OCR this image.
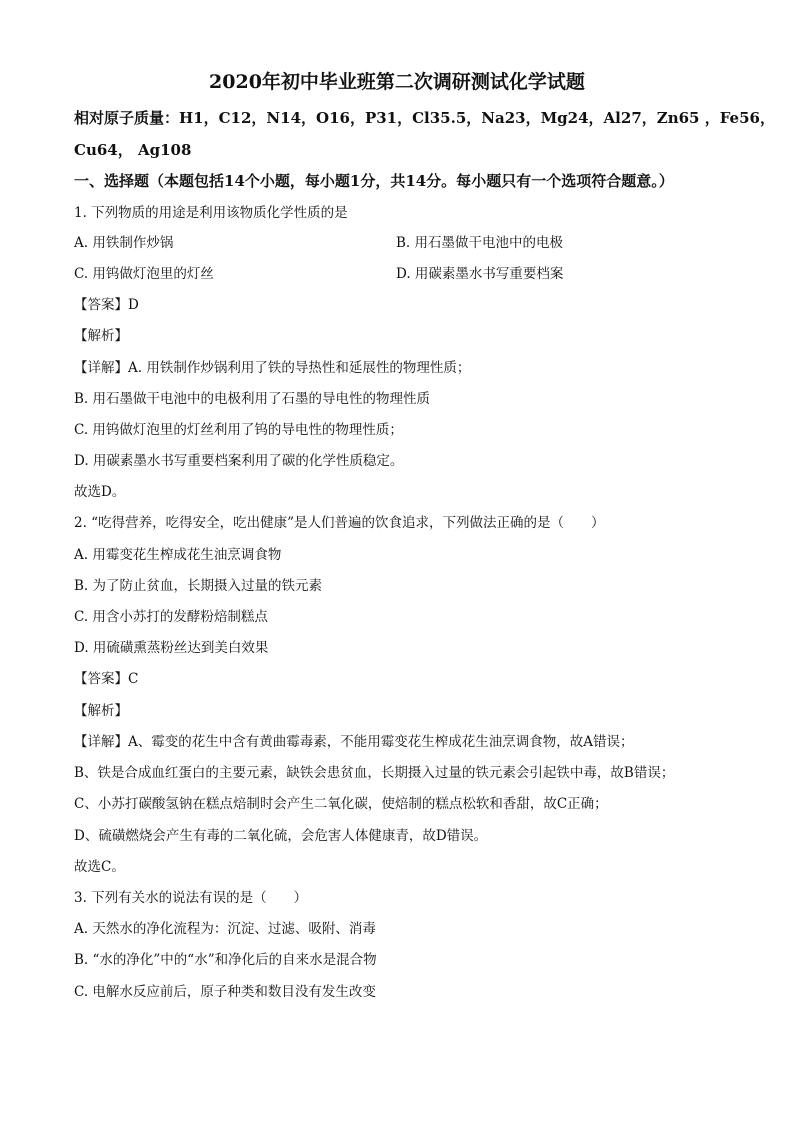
2020年初中毕业班第二次调研测试化学试题
相对原子质量：H1，C12，N14，O16，P31，Cl35.5，Na23，Mg24，Al27，Zn65 ，Fe56，
Cu64， Ag108
一、选择题（本题包括14个小题，每小题1分，共14分。每小题只有一个选项符合题意。）
1. 下列物质的用途是利用该物质化学性质的是
A. 用铁制作炒锅	B. 用石墨做干电池中的电极
C. 用钨做灯泡里的灯丝	D. 用碳素墨水书写重要档案
【答案】D
【解析】
【详解】A. 用铁制作炒锅利用了铁的导热性和延展性的物理性质；
B. 用石墨做干电池中的电极利用了石墨的导电性的物理性质
C. 用钨做灯泡里的灯丝利用了钨的导电性的物理性质；
D. 用碳素墨水书写重要档案利用了碳的化学性质稳定。
故选D。
2. “吃得营养，吃得安全，吃出健康”是人们普遍的饮食追求，下列做法正确的是（　　）
A. 用霉变花生榨成花生油烹调食物
B. 为了防止贫血，长期摄入过量的铁元素
C. 用含小苏打的发酵粉焙制糕点
D. 用硫磺熏蒸粉丝达到美白效果
【答案】C
【解析】
【详解】A、霉变的花生中含有黄曲霉毒素，不能用霉变花生榨成花生油烹调食物，故A错误；
B、铁是合成血红蛋白的主要元素，缺铁会患贫血，长期摄入过量的铁元素会引起铁中毒，故B错误；
C、小苏打碳酸氢钠在糕点焙制时会产生二氧化碳，使焙制的糕点松软和香甜，故C正确；
D、硫磺燃烧会产生有毒的二氧化硫，会危害人体健康青，故D错误。
故选C。
3. 下列有关水的说法有误的是（　　）
A. 天然水的净化流程为：沉淀、过滤、吸附、消毒
B. “水的净化”中的“水”和净化后的自来水是混合物
C. 电解水反应前后，原子种类和数目没有发生改变
